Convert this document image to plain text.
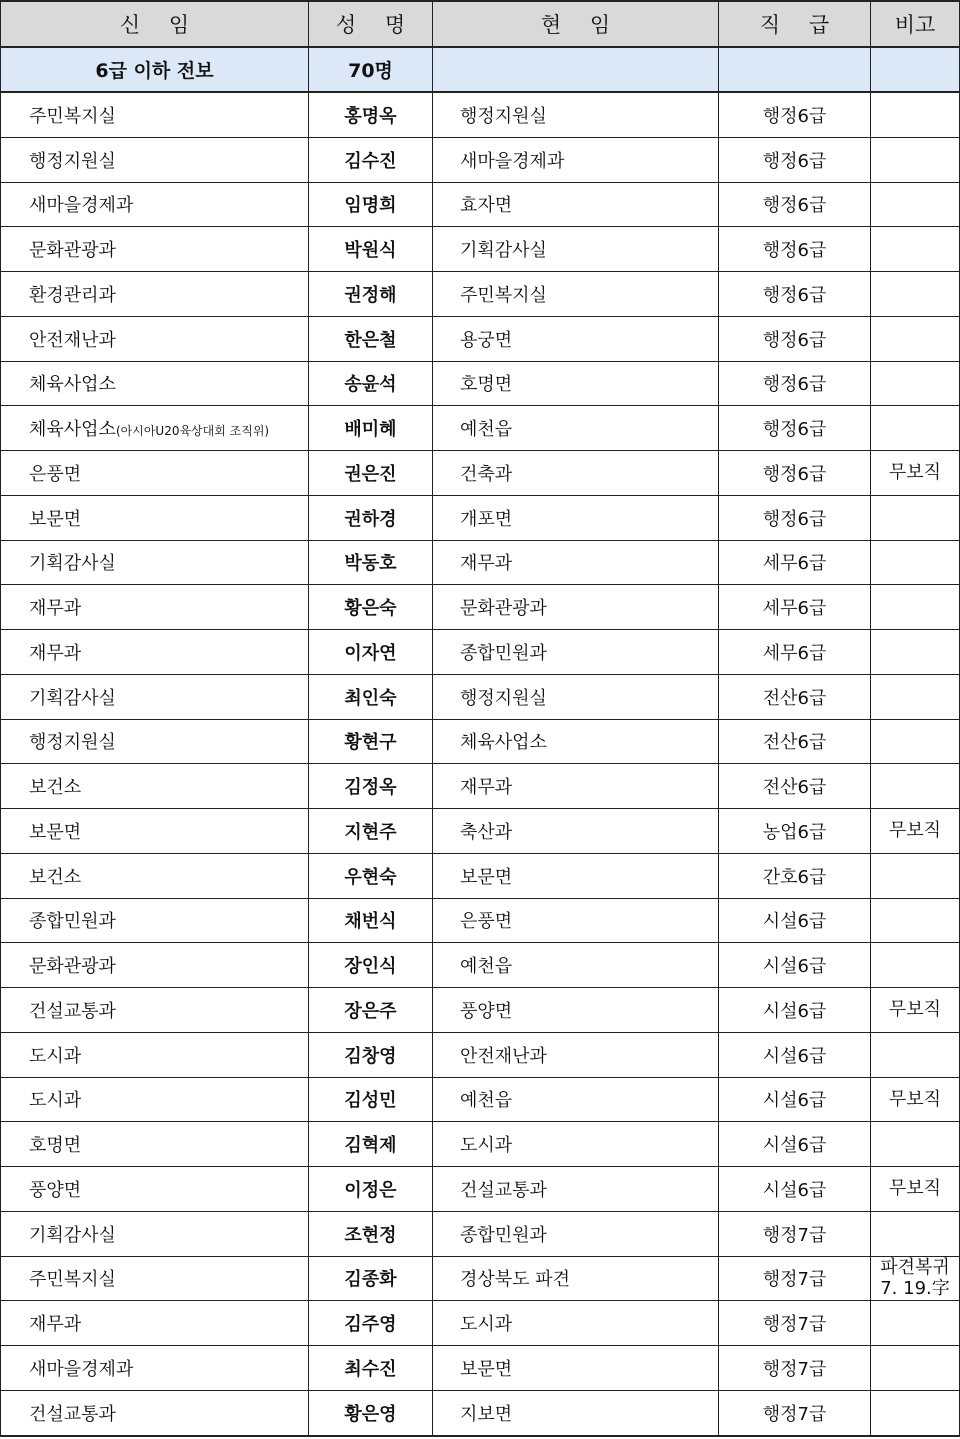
신 임	성 명	현 임	직 급	비고
6급 이하 전보	70명			
주민복지실	홍명옥	행정지원실	행정6급	
행정지원실	김수진	새마을경제과	행정6급	
새마을경제과	임명희	효자면	행정6급	
문화관광과	박원식	기획감사실	행정6급	
환경관리과	권정해	주민복지실	행정6급	
안전재난과	한은철	용궁면	행정6급	
체육사업소	송윤석	호명면	행정6급	
체육사업소(아시아U20육상대회 조직위)	배미혜	예천읍	행정6급	
은풍면	권은진	건축과	행정6급	무보직
보문면	권하경	개포면	행정6급	
기획감사실	박동호	재무과	세무6급	
재무과	황은숙	문화관광과	세무6급	
재무과	이자연	종합민원과	세무6급	
기획감사실	최인숙	행정지원실	전산6급	
행정지원실	황현구	체육사업소	전산6급	
보건소	김정옥	재무과	전산6급	
보문면	지현주	축산과	농업6급	무보직
보건소	우현숙	보문면	간호6급	
종합민원과	채번식	은풍면	시설6급	
문화관광과	장인식	예천읍	시설6급	
건설교통과	장은주	풍양면	시설6급	무보직
도시과	김창영	안전재난과	시설6급	
도시과	김성민	예천읍	시설6급	무보직
호명면	김혁제	도시과	시설6급	
풍양면	이정은	건설교통과	시설6급	무보직
기획감사실	조현정	종합민원과	행정7급	
주민복지실	김종화	경상북도 파견	행정7급	파견복귀 7. 19.字
재무과	김주영	도시과	행정7급	
새마을경제과	최수진	보문면	행정7급	
건설교통과	황은영	지보면	행정7급	
